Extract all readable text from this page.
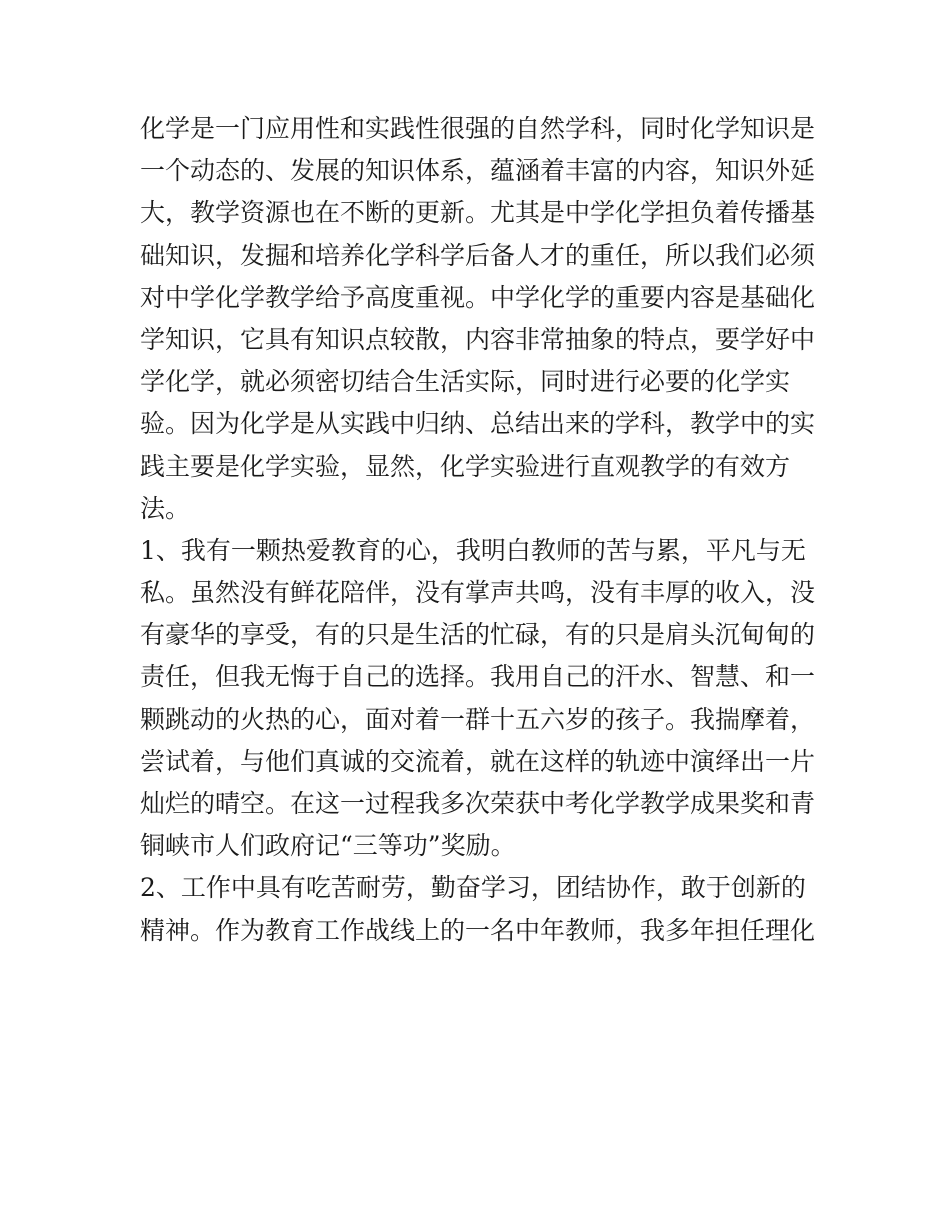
化学是一门应用性和实践性很强的自然学科，同时化学知识是
一个动态的、发展的知识体系，蕴涵着丰富的内容，知识外延
大，教学资源也在不断的更新。尤其是中学化学担负着传播基
础知识，发掘和培养化学科学后备人才的重任，所以我们必须
对中学化学教学给予高度重视。中学化学的重要内容是基础化
学知识，它具有知识点较散，内容非常抽象的特点，要学好中
学化学，就必须密切结合生活实际，同时进行必要的化学实
验。因为化学是从实践中归纳、总结出来的学科，教学中的实
践主要是化学实验，显然，化学实验进行直观教学的有效方
法。
1、我有一颗热爱教育的心，我明白教师的苦与累，平凡与无
私。虽然没有鲜花陪伴，没有掌声共鸣，没有丰厚的收入，没
有豪华的享受，有的只是生活的忙碌，有的只是肩头沉甸甸的
责任，但我无悔于自己的选择。我用自己的汗水、智慧、和一
颗跳动的火热的心，面对着一群十五六岁的孩子。我揣摩着，
尝试着，与他们真诚的交流着，就在这样的轨迹中演绎出一片
灿烂的晴空。在这一过程我多次荣获中考化学教学成果奖和青
铜峡市人们政府记“三等功”奖励。
2、工作中具有吃苦耐劳，勤奋学习，团结协作，敢于创新的
精神。作为教育工作战线上的一名中年教师，我多年担任理化
